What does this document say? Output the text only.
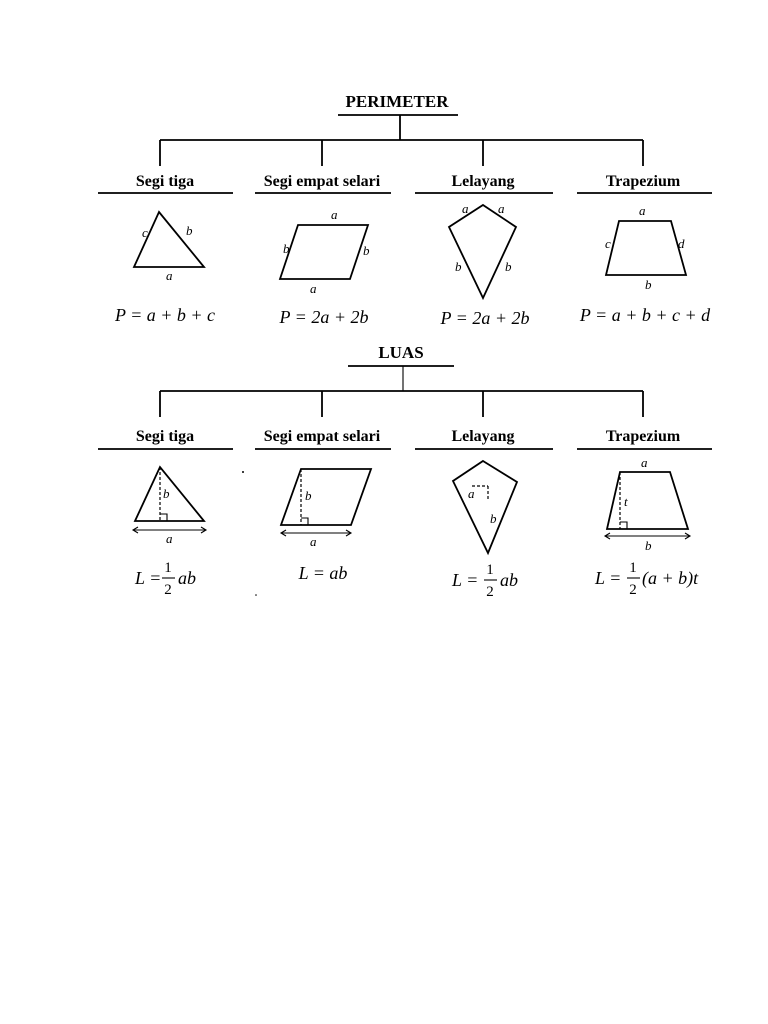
PERIMETER
Segi tiga	Segi empat selari	Lelayang	Trapezium
c	b
a
P = a + b + c
a
b	b
a
P = 2a + 2b
a a
b	b
P = 2a + 2b
a
c	d
b
P = a + b + c + d
LUAS
Segi tiga	Segi empat selari	Lelayang	Trapezium
b
a
L = 1
2
ab
b
a
L = ab
a
b
L = 1
2
ab
a
t
b
L = 1
2
(a + b)t
